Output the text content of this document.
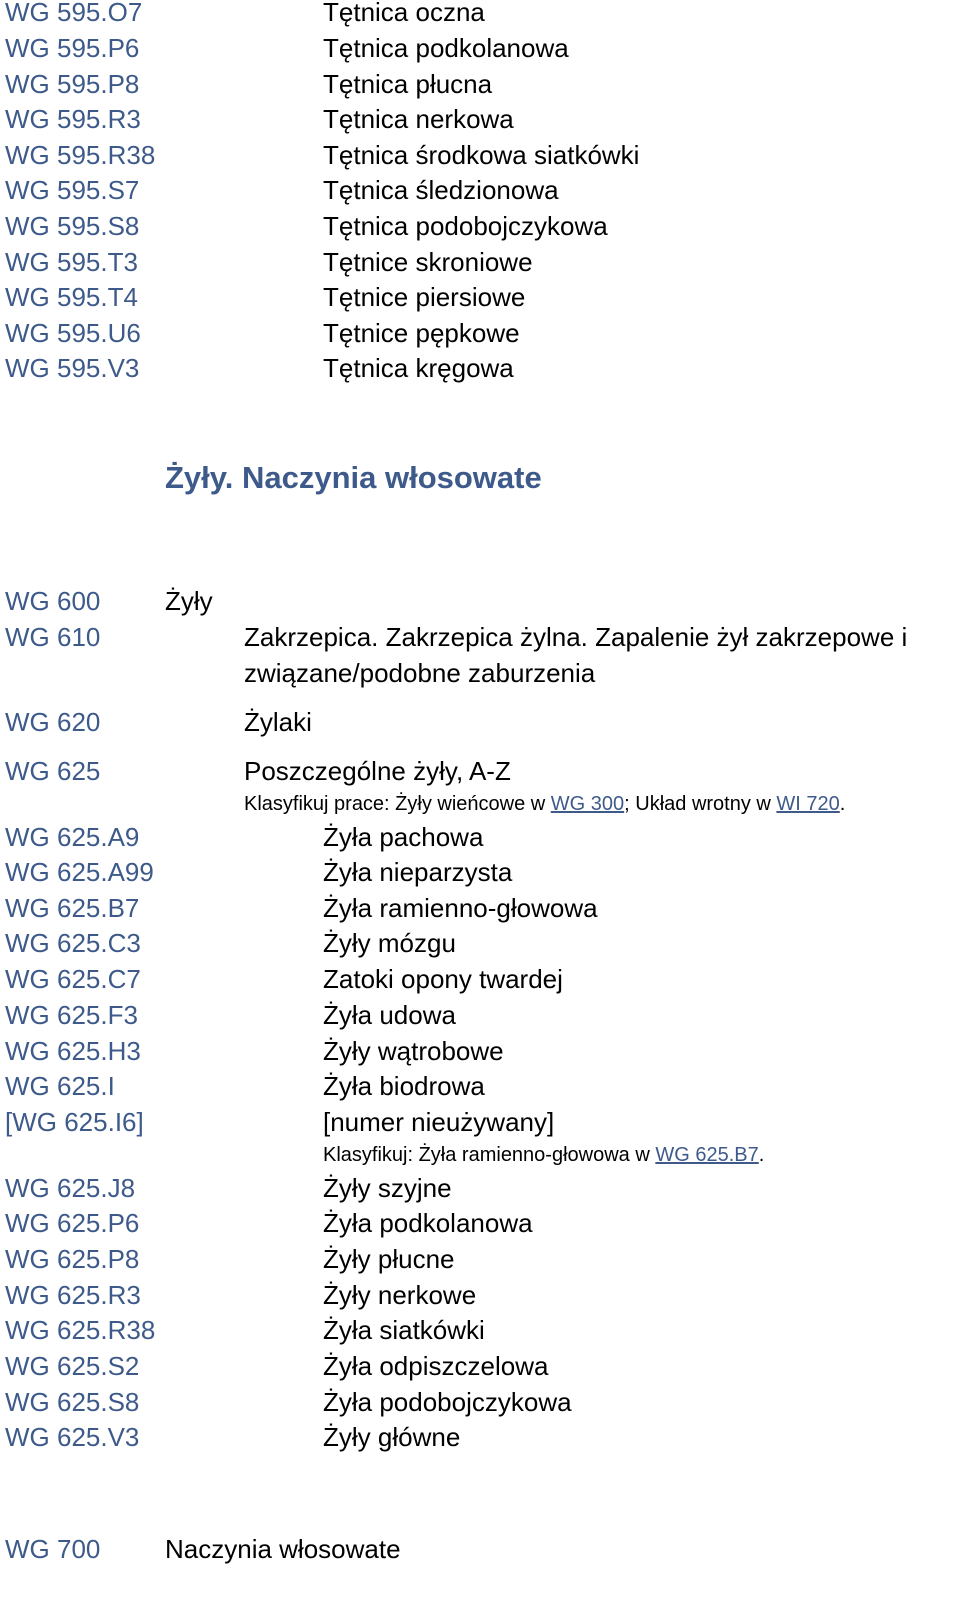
WG 595.O7	Tętnica oczna
WG 595.P6	Tętnica podkolanowa
WG 595.P8	Tętnica płucna
WG 595.R3	Tętnica nerkowa
WG 595.R38	Tętnica środkowa siatkówki
WG 595.S7	Tętnica śledzionowa
WG 595.S8	Tętnica podobojczykowa
WG 595.T3	Tętnice skroniowe
WG 595.T4	Tętnice piersiowe
WG 595.U6	Tętnice pępkowe
WG 595.V3	Tętnica kręgowa
Żyły. Naczynia włosowate
WG 600 Żyły
WG 610	Zakrzepica. Zakrzepica żylna. Zapalenie żył zakrzepowe i związane/podobne zaburzenia
WG 620	Żylaki
WG 625	Poszczególne żyły, A-Z
Klasyfikuj prace: Żyły wieńcowe w WG 300; Układ wrotny w WI 720.
WG 625.A9	Żyła pachowa
WG 625.A99	Żyła nieparzysta
WG 625.B7	Żyła ramienno-głowowa
WG 625.C3	Żyły mózgu
WG 625.C7	Zatoki opony twardej
WG 625.F3	Żyła udowa
WG 625.H3	Żyły wątrobowe
WG 625.I	Żyła biodrowa
[WG 625.I6]	[numer nieużywany]
Klasyfikuj: Żyła ramienno-głowowa w WG 625.B7.
WG 625.J8	Żyły szyjne
WG 625.P6	Żyła podkolanowa
WG 625.P8	Żyły płucne
WG 625.R3	Żyły nerkowe
WG 625.R38	Żyła siatkówki
WG 625.S2	Żyła odpiszczelowa
WG 625.S8	Żyła podobojczykowa
WG 625.V3	Żyły główne
WG 700 Naczynia włosowate
